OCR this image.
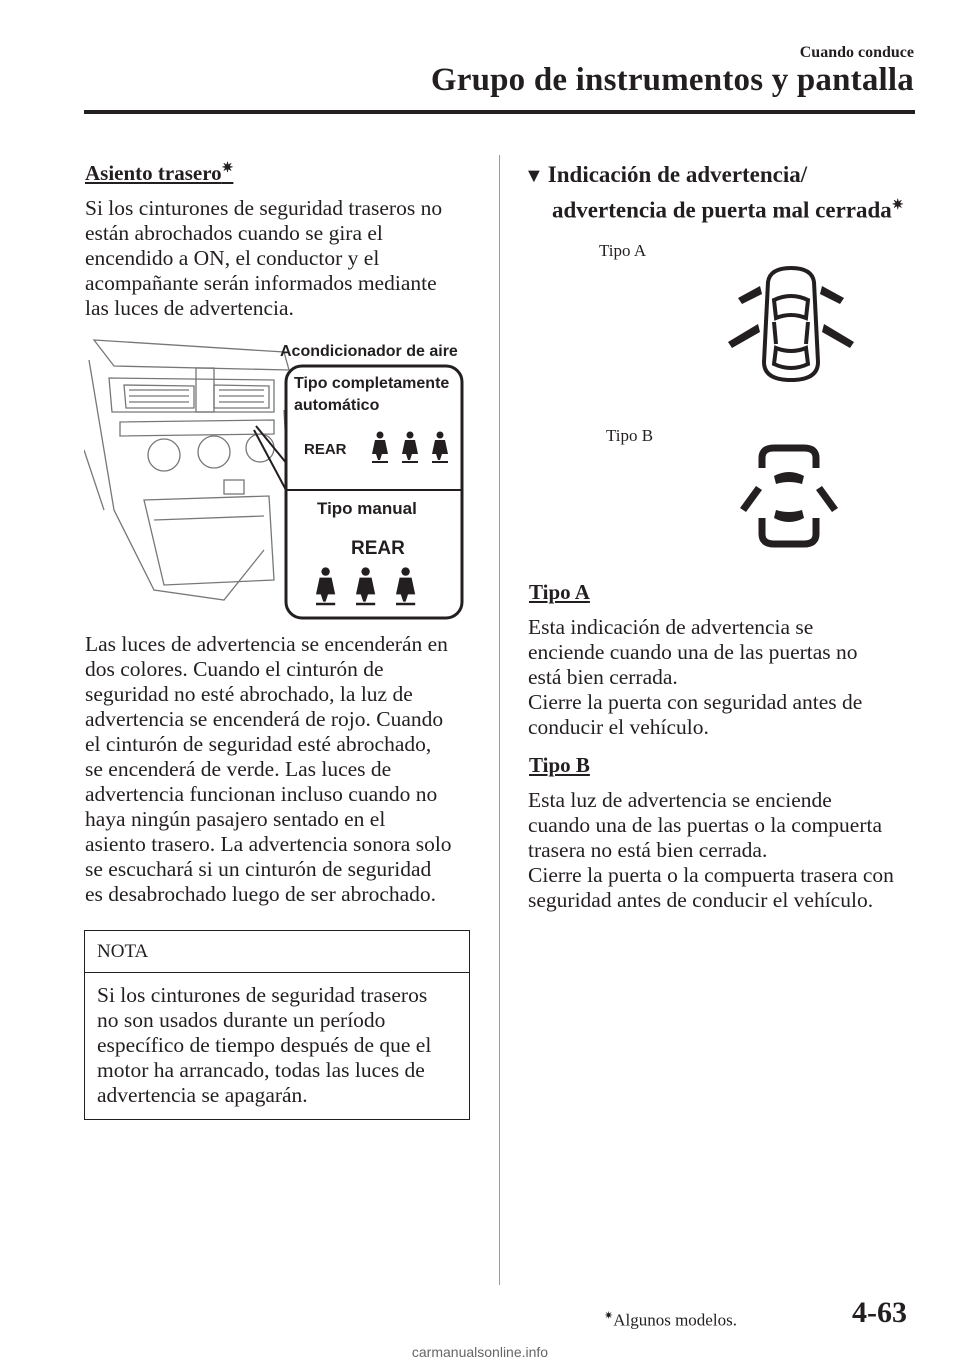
Cuando conduce
Grupo de instrumentos y pantalla
Asiento trasero✷

Si los cinturones de seguridad traseros no
están abrochados cuando se gira el
encendido a ON, el conductor y el
acompañante serán informados mediante
las luces de advertencia.

Acondicionador de aire
Tipo completamente
automático
REAR
Tipo manual
REAR

Las luces de advertencia se encenderán en
dos colores. Cuando el cinturón de
seguridad no esté abrochado, la luz de
advertencia se encenderá de rojo. Cuando
el cinturón de seguridad esté abrochado,
se encenderá de verde. Las luces de
advertencia funcionan incluso cuando no
haya ningún pasajero sentado en el
asiento trasero. La advertencia sonora solo
se escuchará si un cinturón de seguridad
es desabrochado luego de ser abrochado.

NOTA
Si los cinturones de seguridad traseros
no son usados durante un período
específico de tiempo después de que el
motor ha arrancado, todas las luces de
advertencia se apagarán.
▼ Indicación de advertencia/
advertencia de puerta mal cerrada✷
Tipo A
Tipo B
Tipo A

Esta indicación de advertencia se
enciende cuando una de las puertas no
está bien cerrada.
Cierre la puerta con seguridad antes de
conducir el vehículo.

Tipo B

Esta luz de advertencia se enciende
cuando una de las puertas o la compuerta
trasera no está bien cerrada.
Cierre la puerta o la compuerta trasera con
seguridad antes de conducir el vehículo.

✷Algunos modelos.	4-63
carmanualsonline.info
